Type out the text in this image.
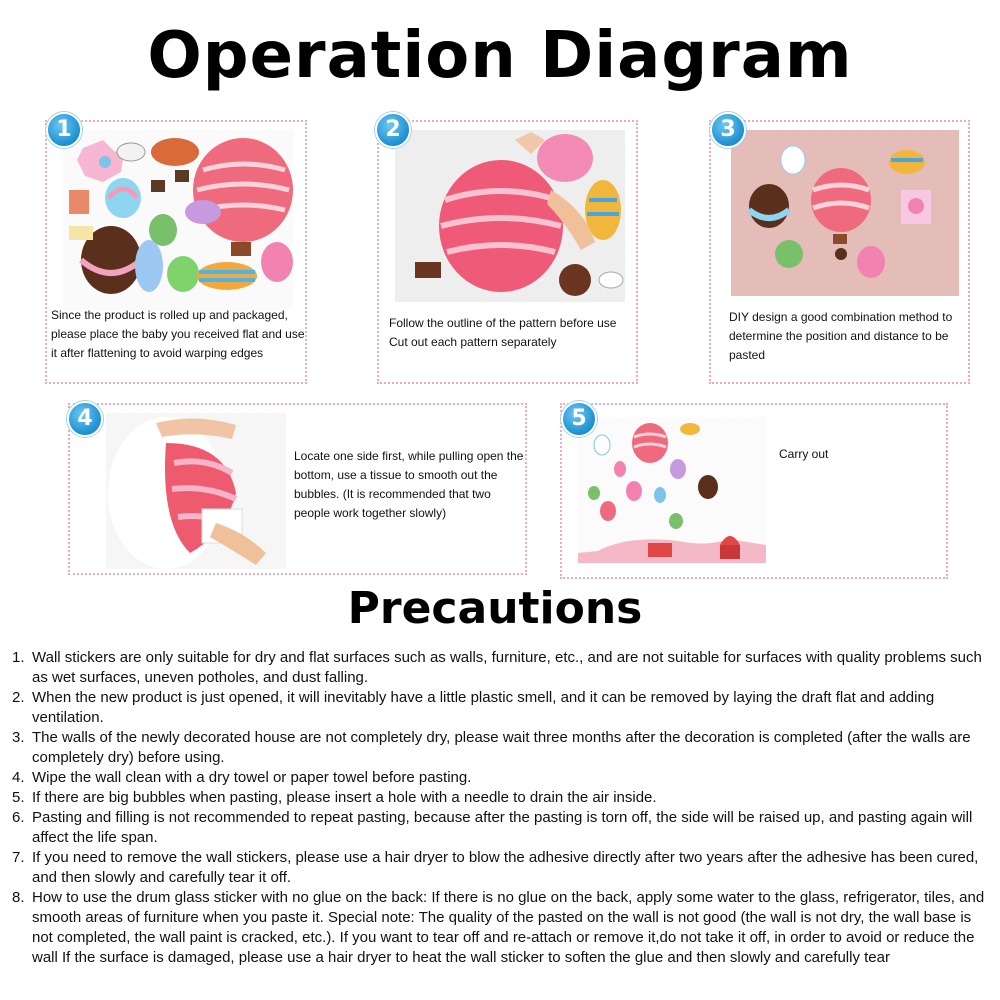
Operation Diagram
1
Since the product is rolled up and packaged, please place the baby you received flat and use it after flattening to avoid warping edges
2
Follow the outline of the pattern before use Cut out each pattern separately
3
DIY design a good combination method to determine the position and distance to be pasted
4
Locate one side first, while pulling open the bottom, use a tissue to smooth out the bubbles. (It is recommended that two people work together slowly)
5
Carry out
Precautions
1. Wall stickers are only suitable for dry and flat surfaces such as walls, furniture, etc., and are not suitable for surfaces with quality problems such as wet surfaces, uneven potholes, and dust falling.
2. When the new product is just opened, it will inevitably have a little plastic smell, and it can be removed by laying the draft flat and adding ventilation.
3. The walls of the newly decorated house are not completely dry, please wait three months after the decoration is completed (after the walls are completely dry) before using.
4. Wipe the wall clean with a dry towel or paper towel before pasting.
5. If there are big bubbles when pasting, please insert a hole with a needle to drain the air inside.
6. Pasting and filling is not recommended to repeat pasting, because after the pasting is torn off, the side will be raised up, and pasting again will affect the life span.
7. If you need to remove the wall stickers, please use a hair dryer to blow the adhesive directly after two years after the adhesive has been cured, and then slowly and carefully tear it off.
8. How to use the drum glass sticker with no glue on the back: If there is no glue on the back, apply some water to the glass, refrigerator, tiles, and smooth areas of furniture when you paste it. Special note: The quality of the pasted on the wall is not good (the wall is not dry, the wall base is not completed, the wall paint is cracked, etc.). If you want to tear off and re-attach or remove it,do not take it off, in order to avoid or reduce the wall If the surface is damaged, please use a hair dryer to heat the wall sticker to soften the glue and then slowly and carefully tear
